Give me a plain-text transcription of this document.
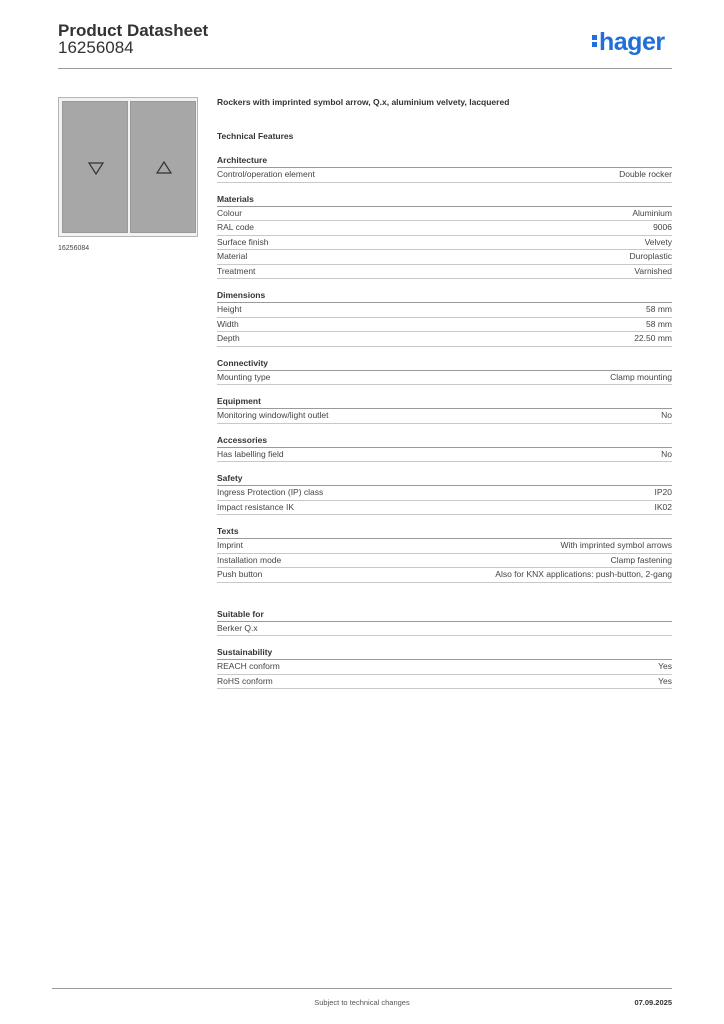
Product Datasheet
16256084	hager
16256084
Rockers with imprinted symbol arrow, Q.x, aluminium velvety, lacquered
Technical Features
Architecture
Control/operation element	Double rocker
Materials
Colour	Aluminium
RAL code	9006
Surface finish	Velvety
Material	Duroplastic
Treatment	Varnished
Dimensions
Height	58 mm
Width	58 mm
Depth	22.50 mm
Connectivity
Mounting type	Clamp mounting
Equipment
Monitoring window/light outlet	No
Accessories
Has labelling field	No
Safety
Ingress Protection (IP) class	IP20
Impact resistance IK	IK02
Texts
Imprint	With imprinted symbol arrows
Installation mode	Clamp fastening
Push button	Also for KNX applications: push-button, 2-gang
Suitable for
Berker Q.x
Sustainability
REACH conform	Yes
RoHS conform	Yes
Subject to technical changes	07.09.2025
